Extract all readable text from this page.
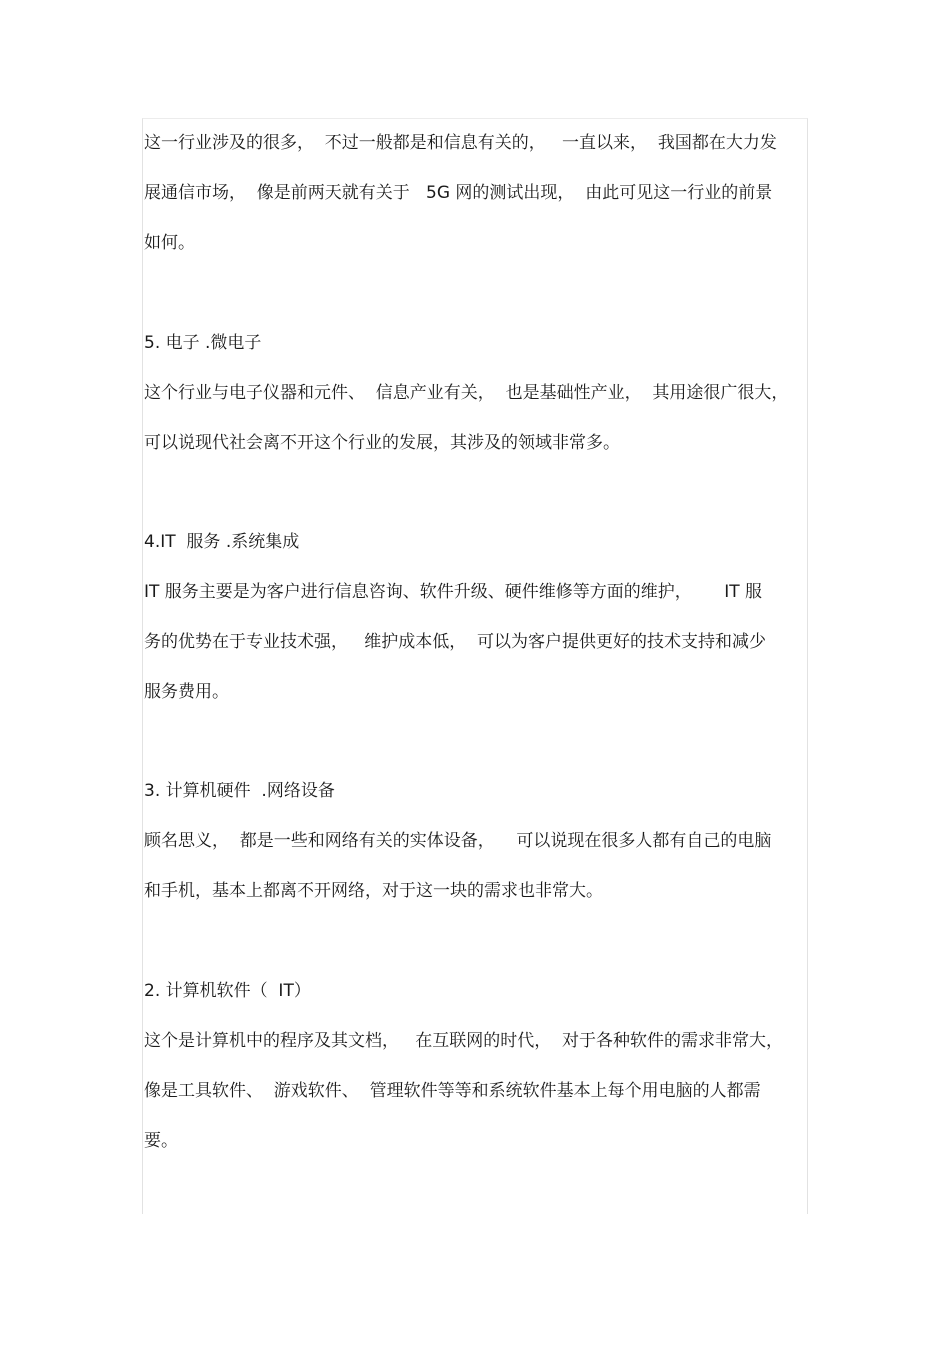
这一行业涉及的很多，  不过一般都是和信息有关的，   一直以来，  我国都在大力发

展通信市场，  像是前两天就有关于   5G 网的测试出现，  由此可见这一行业的前景

如何。

5. 电子 .微电子

这个行业与电子仪器和元件、  信息产业有关，  也是基础性产业，  其用途很广很大，

可以说现代社会离不开这个行业的发展，其涉及的领域非常多。

4.IT  服务 .系统集成

IT 服务主要是为客户进行信息咨询、软件升级、硬件维修等方面的维护，      IT 服

务的优势在于专业技术强，   维护成本低，  可以为客户提供更好的技术支持和减少

服务费用。

3. 计算机硬件  .网络设备

顾名思义，  都是一些和网络有关的实体设备，    可以说现在很多人都有自己的电脑

和手机，基本上都离不开网络，对于这一块的需求也非常大。

2. 计算机软件（  IT）

这个是计算机中的程序及其文档，   在互联网的时代，  对于各种软件的需求非常大，

像是工具软件、  游戏软件、  管理软件等等和系统软件基本上每个用电脑的人都需

要。
